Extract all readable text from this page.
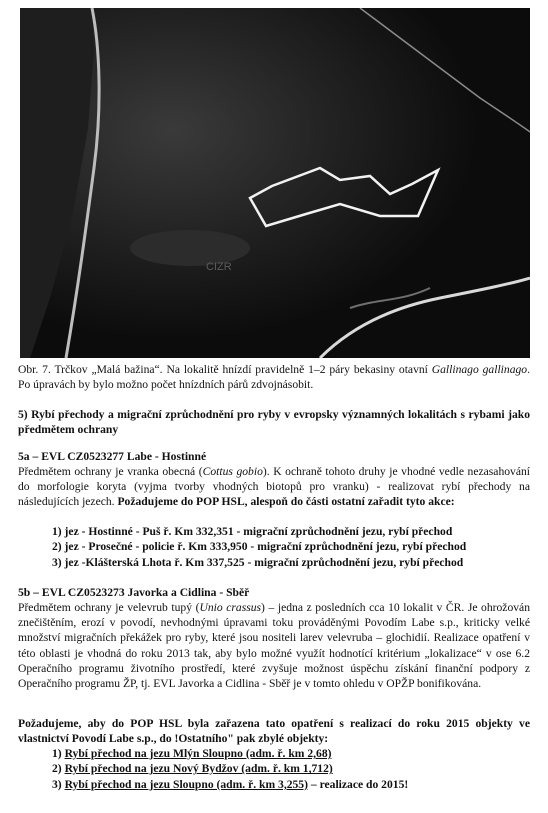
CIZR

Obr. 7. Trčkov „Malá bažina“. Na lokalitě hnízdí pravidelně 1–2 páry bekasiny otavní Gallinago gallinago. Po úpravách by bylo možno počet hnízdních párů zdvojnásobit.

5) Rybí přechody a migrační zprůchodnění pro ryby v evropsky významných lokalitách s rybami jako předmětem ochrany

5a – EVL CZ0523277 Labe - Hostinné

Předmětem ochrany je vranka obecná (Cottus gobio). K ochraně tohoto druhy je vhodné vedle nezasahování do morfologie koryta (vyjma tvorby vhodných biotopů pro vranku) - realizovat rybí přechody na následujících jezech. Požadujeme do POP HSL, alespoň do části ostatní zařadit tyto akce:

1) jez - Hostinné - Puš ř. Km 332,351 - migrační zprůchodnění jezu, rybí přechod
2) jez - Prosečné - policie ř. Km 333,950 - migrační zprůchodnění jezu, rybí přechod
3) jez -Klášterská Lhota ř. Km 337,525 - migrační zprůchodnění jezu, rybí přechod

5b – EVL CZ0523273 Javorka a Cidlina - Sběř

Předmětem ochrany je velevrub tupý (Unio crassus) – jedna z posledních cca 10 lokalit v ČR. Je ohrožován znečištěním, erozí v povodí, nevhodnými úpravami toku prováděnými Povodím Labe s.p., kriticky velké množství migračních překážek pro ryby, které jsou nositeli larev velevruba – glochidií. Realizace opatření v této oblasti je vhodná do roku 2013 tak, aby bylo možné využít hodnotící kritérium „lokalizace“ v ose 6.2 Operačního programu životního prostředí, které zvyšuje možnost úspěchu získání finanční podpory z Operačního programu ŽP, tj. EVL Javorka a Cidlina - Sběř je v tomto ohledu v OPŽP bonifikována.

Požadujeme, aby do POP HSL byla zařazena tato opatření s realizací do roku 2015 objekty ve vlastnictví Povodí Labe s.p., do !Ostatního" pak zbylé objekty:

1) Rybí přechod na jezu Mlýn Sloupno (adm. ř. km 2,68)
2) Rybí přechod na jezu Nový Bydžov (adm. ř. km 1,712)
3) Rybí přechod na jezu Sloupno (adm. ř. km 3,255) – realizace do 2015!
